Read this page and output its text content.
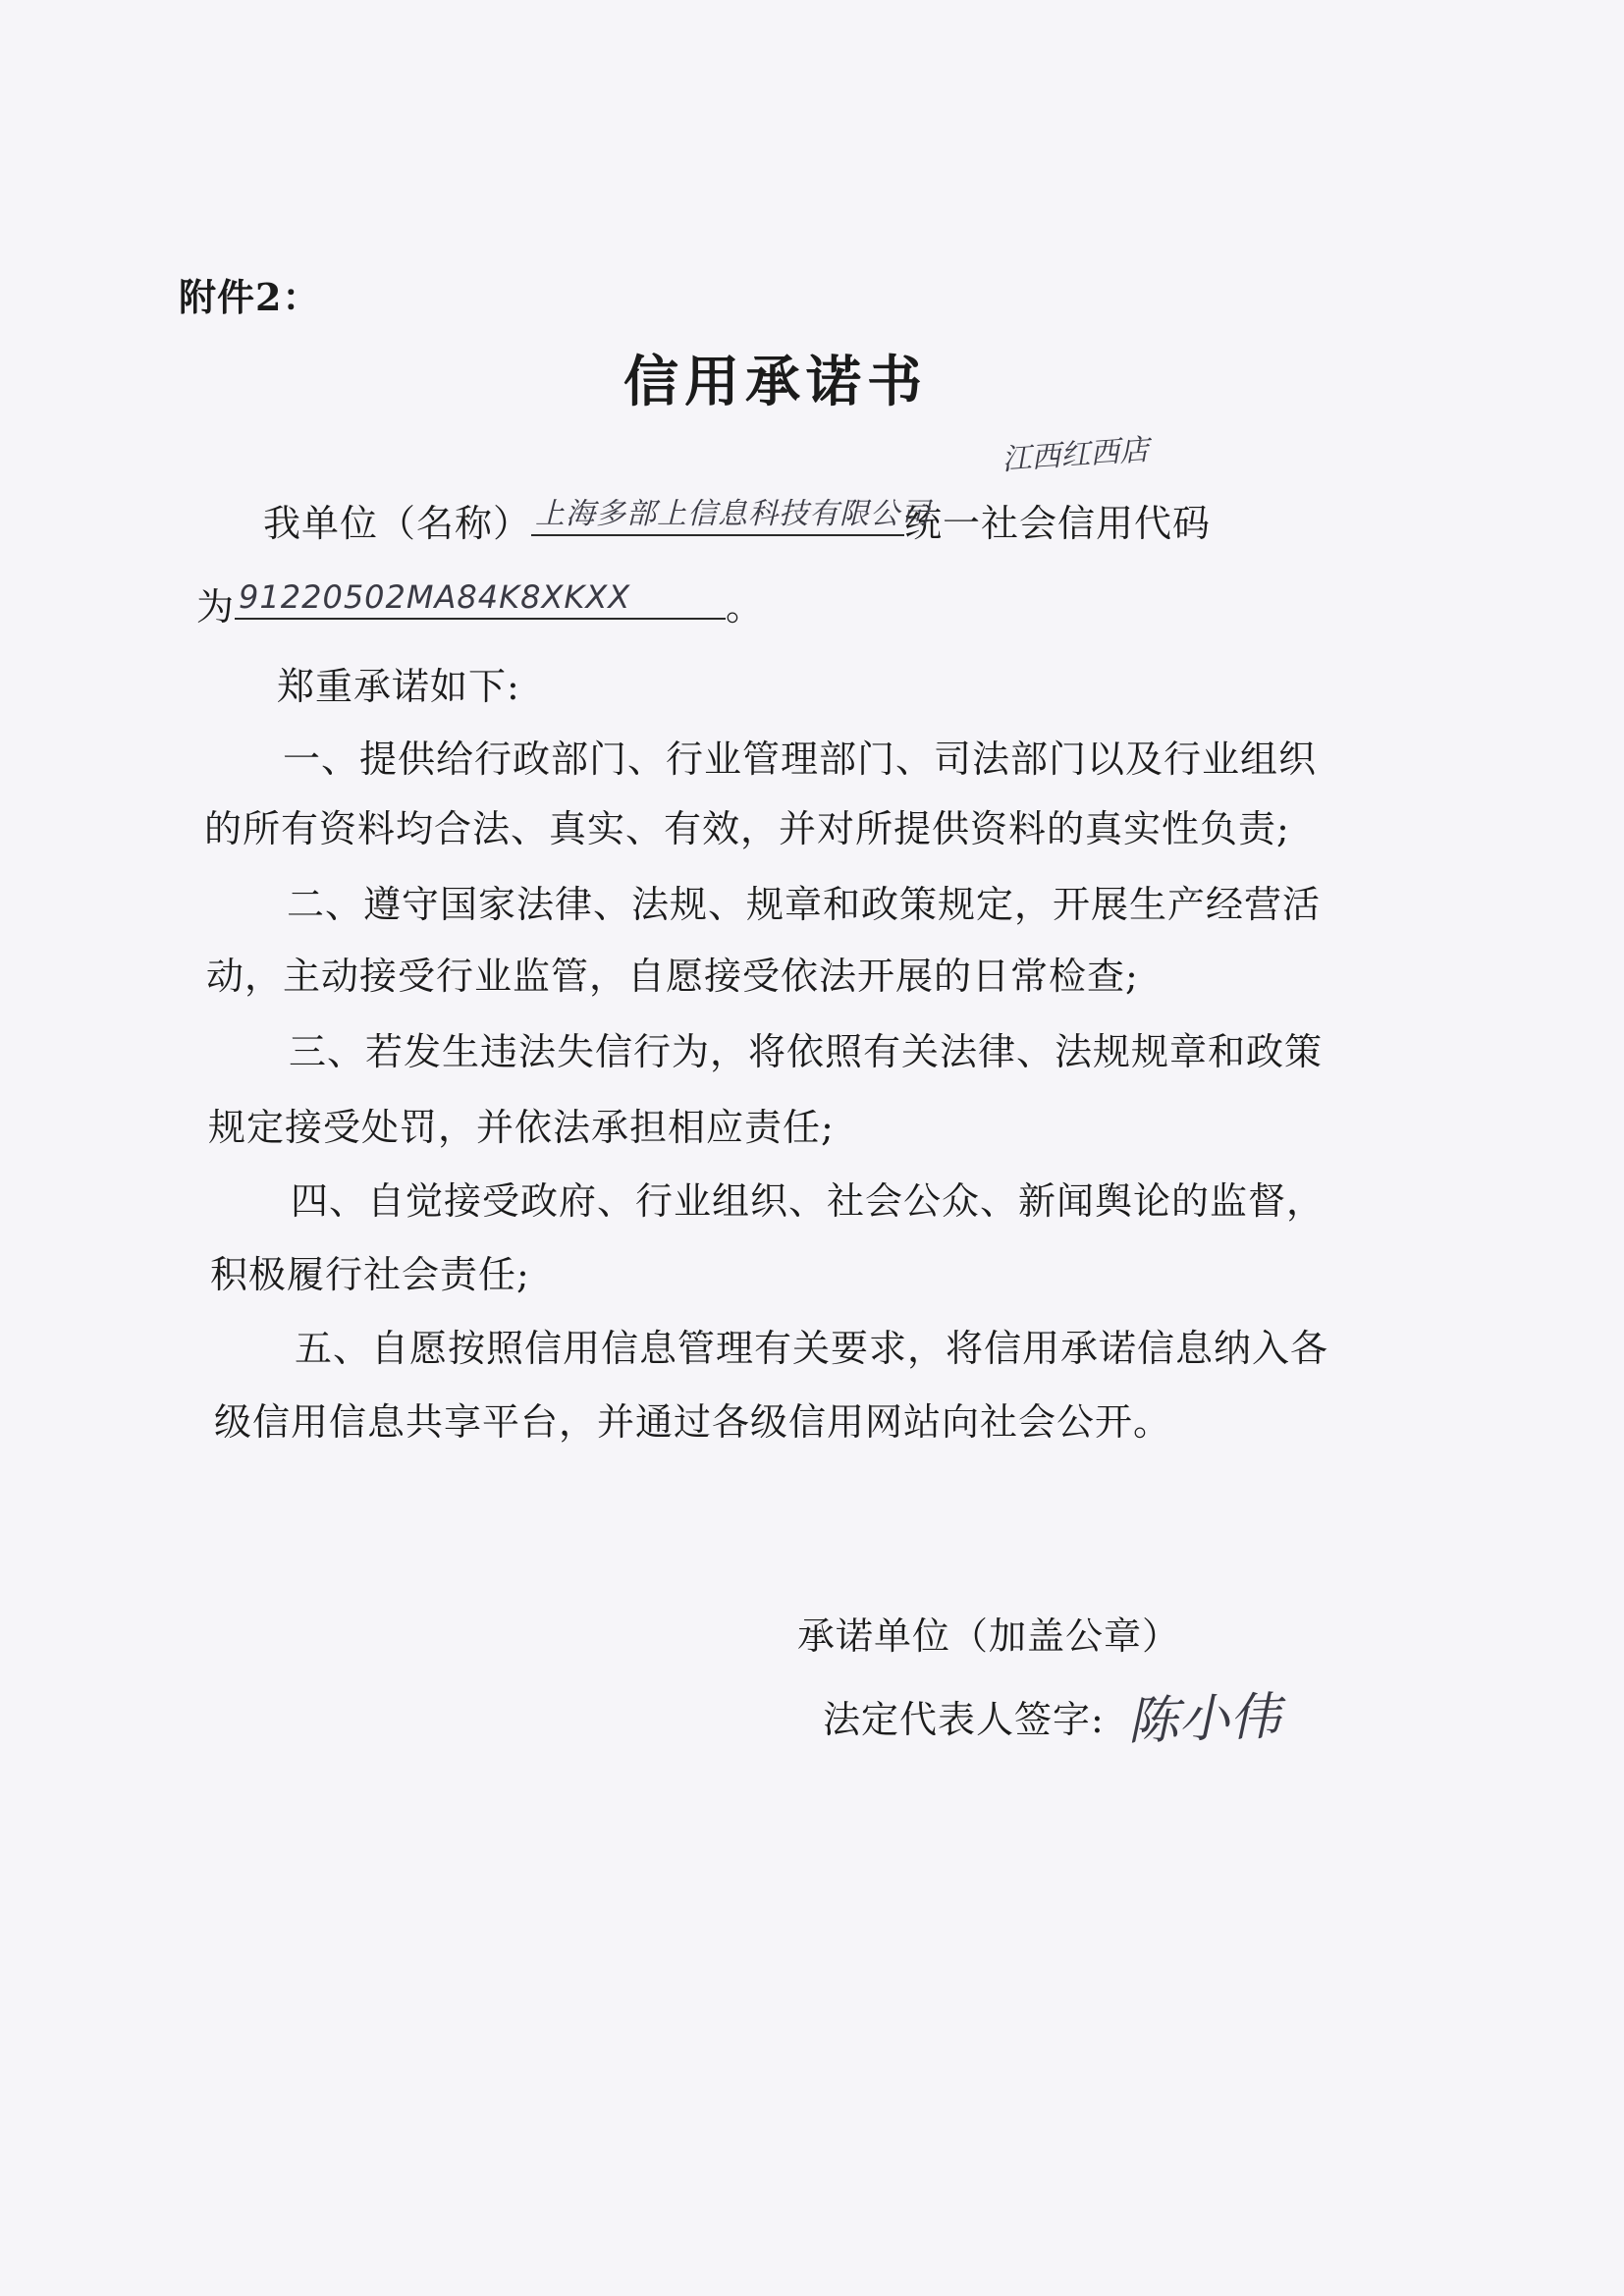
附件2：
信用承诺书
我单位（名称） 上海多部上信息科技有限公司
统一社会信用代码
江西红西店
为 91220502MA84K8XKXX	。
郑重承诺如下:
一、提供给行政部门、行业管理部门、司法部门以及行业组织
的所有资料均合法、真实、有效，并对所提供资料的真实性负责;
二、遵守国家法律、法规、规章和政策规定，开展生产经营活
动，主动接受行业监管，自愿接受依法开展的日常检查;
三、若发生违法失信行为，将依照有关法律、法规规章和政策
规定接受处罚，并依法承担相应责任;
四、自觉接受政府、行业组织、社会公众、新闻舆论的监督，
积极履行社会责任;
五、自愿按照信用信息管理有关要求，将信用承诺信息纳入各
级信用信息共享平台，并通过各级信用网站向社会公开。
承诺单位（加盖公章）
法定代表人签字: 陈小伟
